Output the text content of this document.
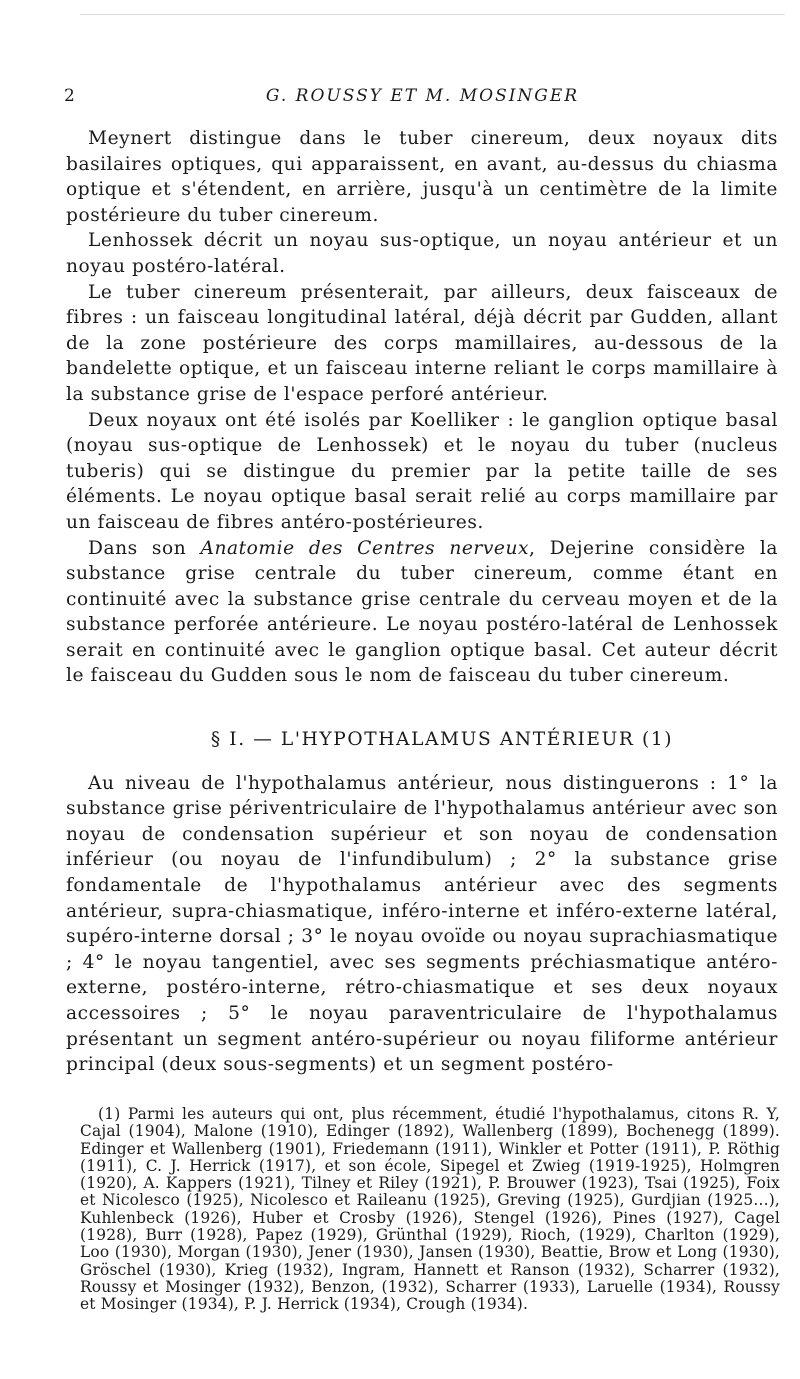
2	G. ROUSSY ET M. MOSINGER

Meynert distingue dans le tuber cinereum, deux noyaux dits basilaires optiques, qui apparaissent, en avant, au-dessus du chiasma optique et s'étendent, en arrière, jusqu'à un centimètre de la limite postérieure du tuber cinereum.

Lenhossek décrit un noyau sus-optique, un noyau antérieur et un noyau postéro-latéral.

Le tuber cinereum présenterait, par ailleurs, deux faisceaux de fibres : un faisceau longitudinal latéral, déjà décrit par Gudden, allant de la zone postérieure des corps mamillaires, au-dessous de la bandelette optique, et un faisceau interne reliant le corps mamillaire à la substance grise de l'espace perforé antérieur.

Deux noyaux ont été isolés par Koelliker : le ganglion optique basal (noyau sus-optique de Lenhossek) et le noyau du tuber (nucleus tuberis) qui se distingue du premier par la petite taille de ses éléments. Le noyau optique basal serait relié au corps mamillaire par un faisceau de fibres antéro-postérieures.

Dans son Anatomie des Centres nerveux, Dejerine considère la substance grise centrale du tuber cinereum, comme étant en continuité avec la substance grise centrale du cerveau moyen et de la substance perforée antérieure. Le noyau postéro-latéral de Lenhossek serait en continuité avec le ganglion optique basal. Cet auteur décrit le faisceau du Gudden sous le nom de faisceau du tuber cinereum.

§ I. — L'HYPOTHALAMUS ANTÉRIEUR (1)

Au niveau de l'hypothalamus antérieur, nous distinguerons : 1° la substance grise périventriculaire de l'hypothalamus antérieur avec son noyau de condensation supérieur et son noyau de condensation inférieur (ou noyau de l'infundibulum) ; 2° la substance grise fondamentale de l'hypothalamus antérieur avec des segments antérieur, supra-chiasmatique, inféro-interne et inféro-externe latéral, supéro-interne dorsal ; 3° le noyau ovoïde ou noyau suprachiasmatique ; 4° le noyau tangentiel, avec ses segments préchiasmatique antéro-externe, postéro-interne, rétro-chiasmatique et ses deux noyaux accessoires ; 5° le noyau paraventriculaire de l'hypothalamus présentant un segment antéro-supérieur ou noyau filiforme antérieur principal (deux sous-segments) et un segment postéro-

(1) Parmi les auteurs qui ont, plus récemment, étudié l'hypothalamus, citons R. Y, Cajal (1904), Malone (1910), Edinger (1892), Wallenberg (1899), Bochenegg (1899). Edinger et Wallenberg (1901), Friedemann (1911), Winkler et Potter (1911), P. Röthig (1911), C. J. Herrick (1917), et son école, Sipegel et Zwieg (1919-1925), Holmgren (1920), A. Kappers (1921), Tilney et Riley (1921), P. Brouwer (1923), Tsai (1925), Foix et Nicolesco (1925), Nicolesco et Raileanu (1925), Greving (1925), Gurdjian (1925...), Kuhlenbeck (1926), Huber et Crosby (1926), Stengel (1926), Pines (1927), Cagel (1928), Burr (1928), Papez (1929), Grünthal (1929), Rioch, (1929), Charlton (1929), Loo (1930), Morgan (1930), Jener (1930), Jansen (1930), Beattie, Brow et Long (1930), Gröschel (1930), Krieg (1932), Ingram, Hannett et Ranson (1932), Scharrer (1932), Roussy et Mosinger (1932), Benzon, (1932), Scharrer (1933), Laruelle (1934), Roussy et Mosinger (1934), P. J. Herrick (1934), Crough (1934).
